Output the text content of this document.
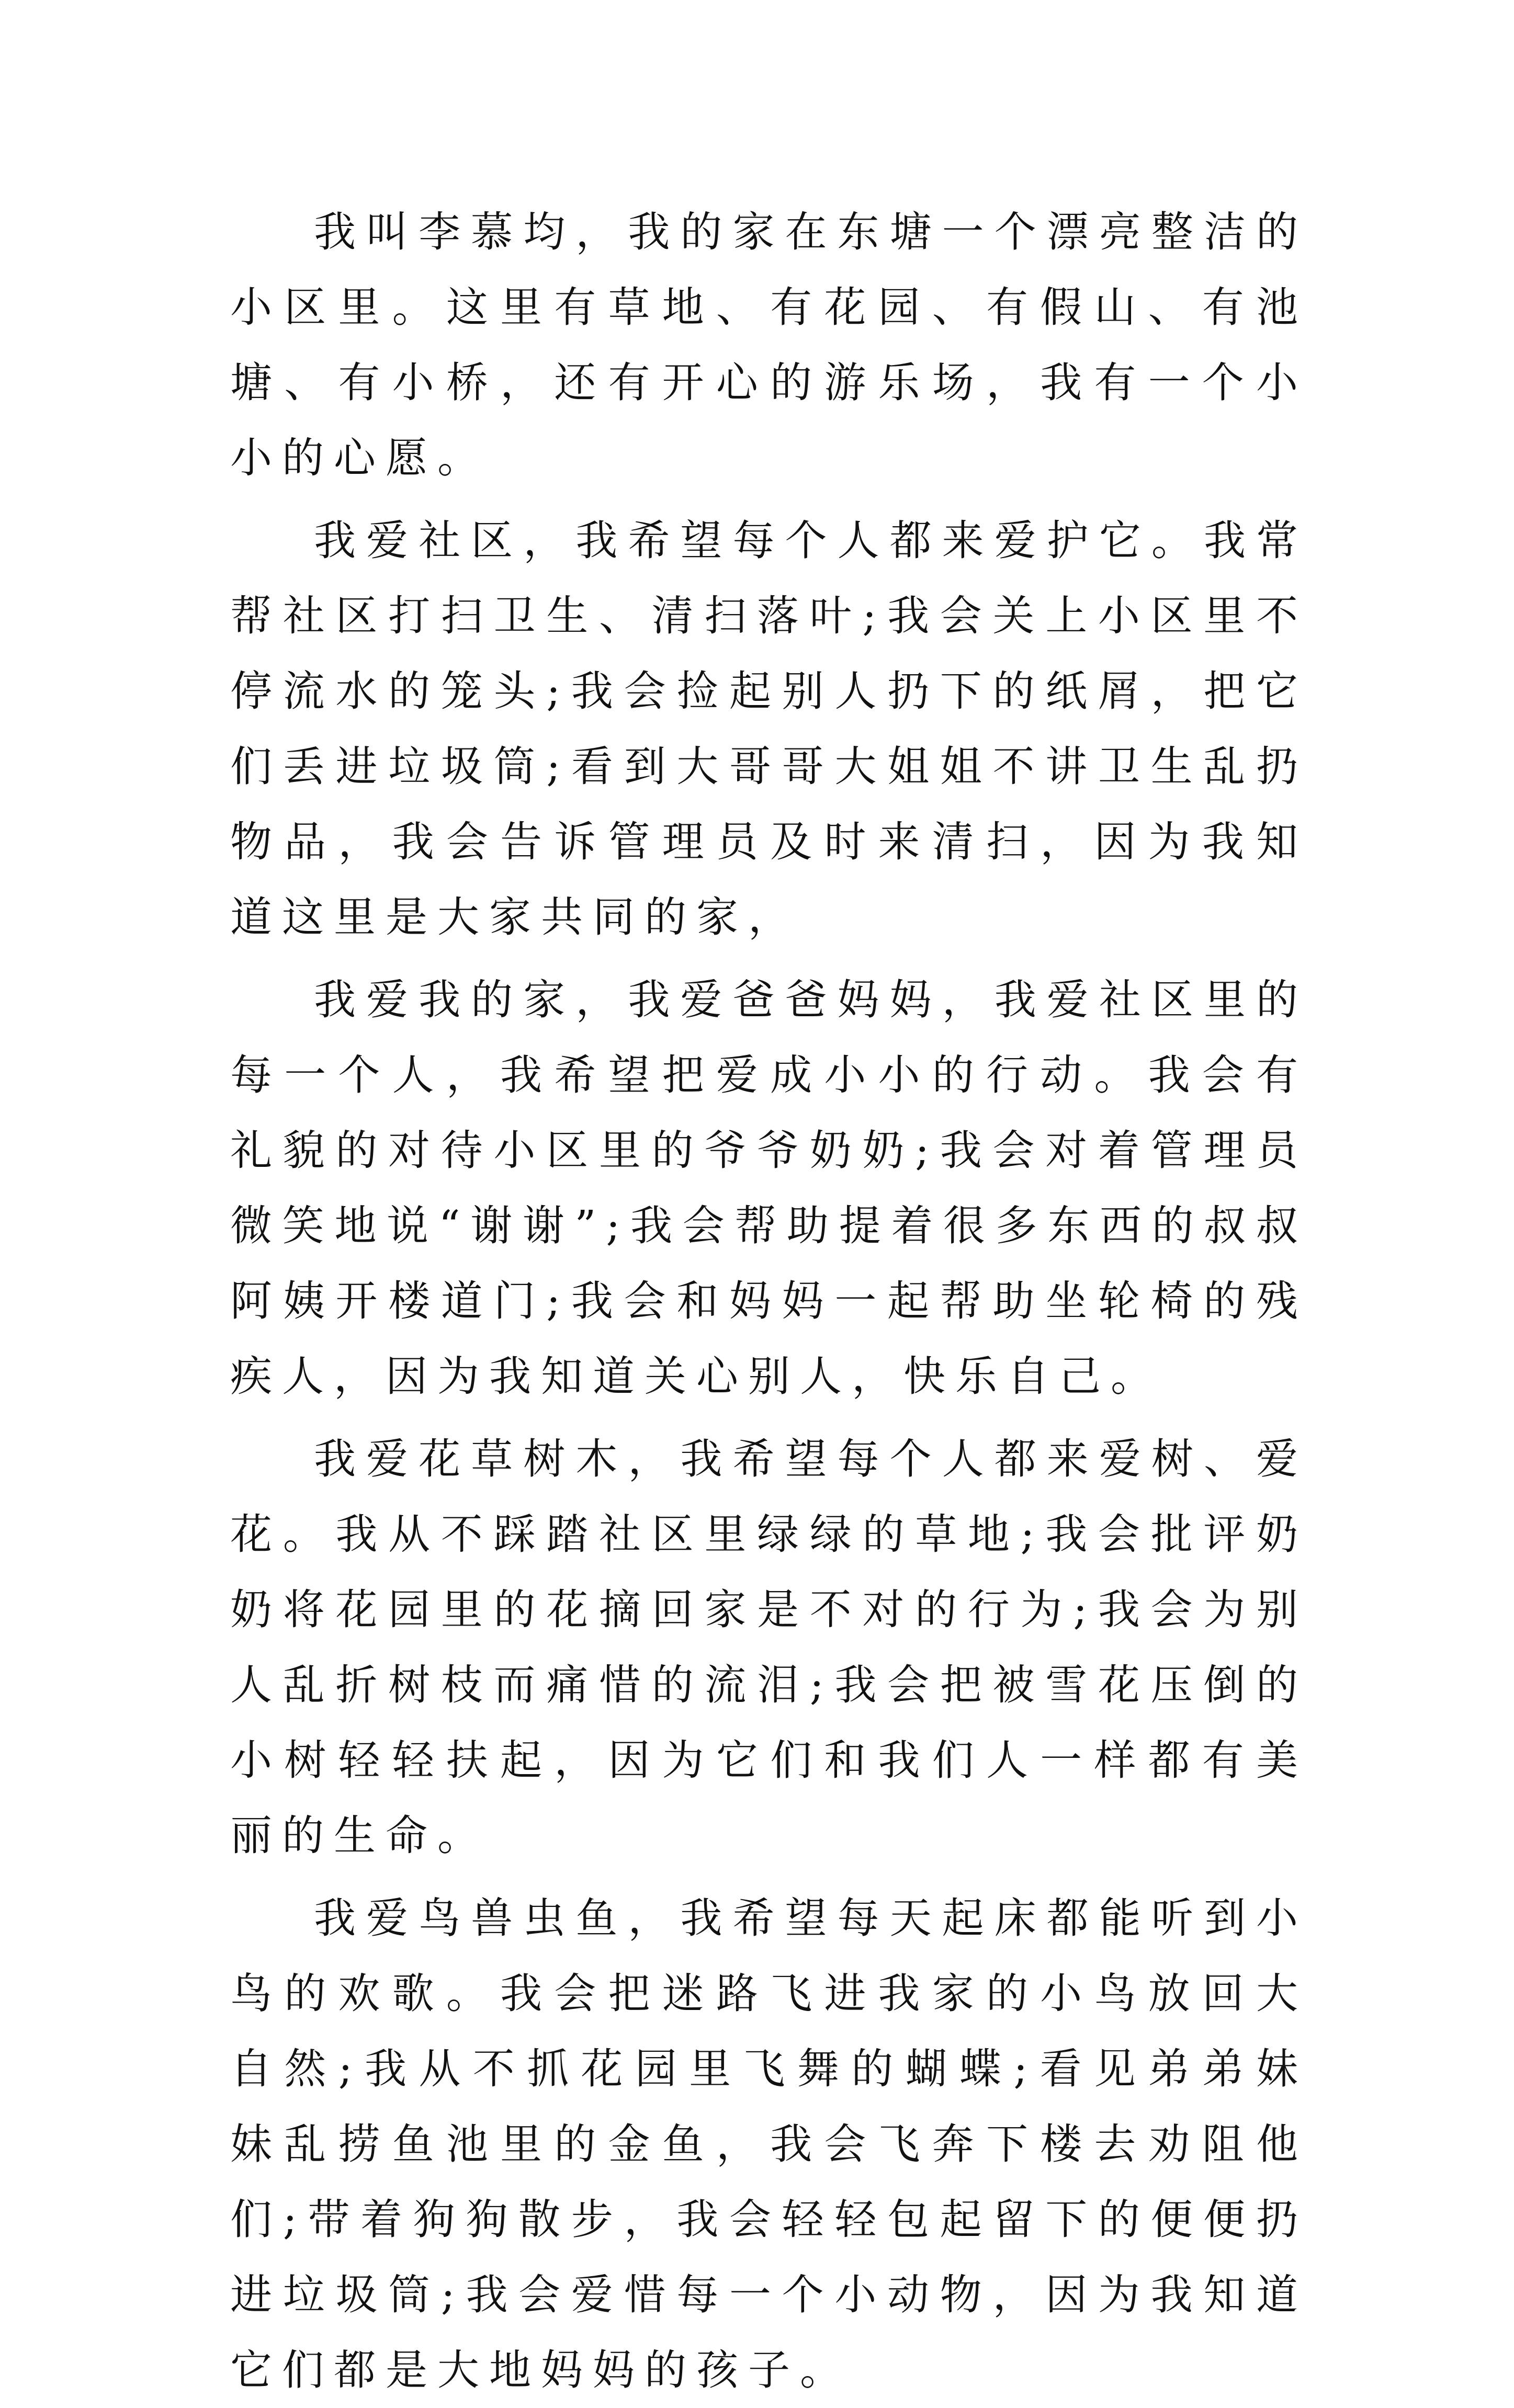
我叫李慕均，我的家在东塘一个漂亮整洁的小区里。这里有草地、有花园、有假山、有池塘、有小桥，还有开心的游乐场，我有一个小小的心愿。

我爱社区，我希望每个人都来爱护它。我常帮社区打扫卫生、清扫落叶;我会关上小区里不停流水的笼头;我会捡起别人扔下的纸屑，把它们丢进垃圾筒;看到大哥哥大姐姐不讲卫生乱扔物品，我会告诉管理员及时来清扫，因为我知道这里是大家共同的家，

我爱我的家，我爱爸爸妈妈，我爱社区里的每一个人，我希望把爱成小小的行动。我会有礼貌的对待小区里的爷爷奶奶;我会对着管理员微笑地说“谢谢”;我会帮助提着很多东西的叔叔阿姨开楼道门;我会和妈妈一起帮助坐轮椅的残疾人，因为我知道关心别人，快乐自己。

我爱花草树木，我希望每个人都来爱树、爱花。我从不踩踏社区里绿绿的草地;我会批评奶奶将花园里的花摘回家是不对的行为;我会为别人乱折树枝而痛惜的流泪;我会把被雪花压倒的小树轻轻扶起，因为它们和我们人一样都有美丽的生命。

我爱鸟兽虫鱼，我希望每天起床都能听到小鸟的欢歌。我会把迷路飞进我家的小鸟放回大自然;我从不抓花园里飞舞的蝴蝶;看见弟弟妹妹乱捞鱼池里的金鱼，我会飞奔下楼去劝阻他们;带着狗狗散步，我会轻轻包起留下的便便扔进垃圾筒;我会爱惜每一个小动物，因为我知道它们都是大地妈妈的孩子。
